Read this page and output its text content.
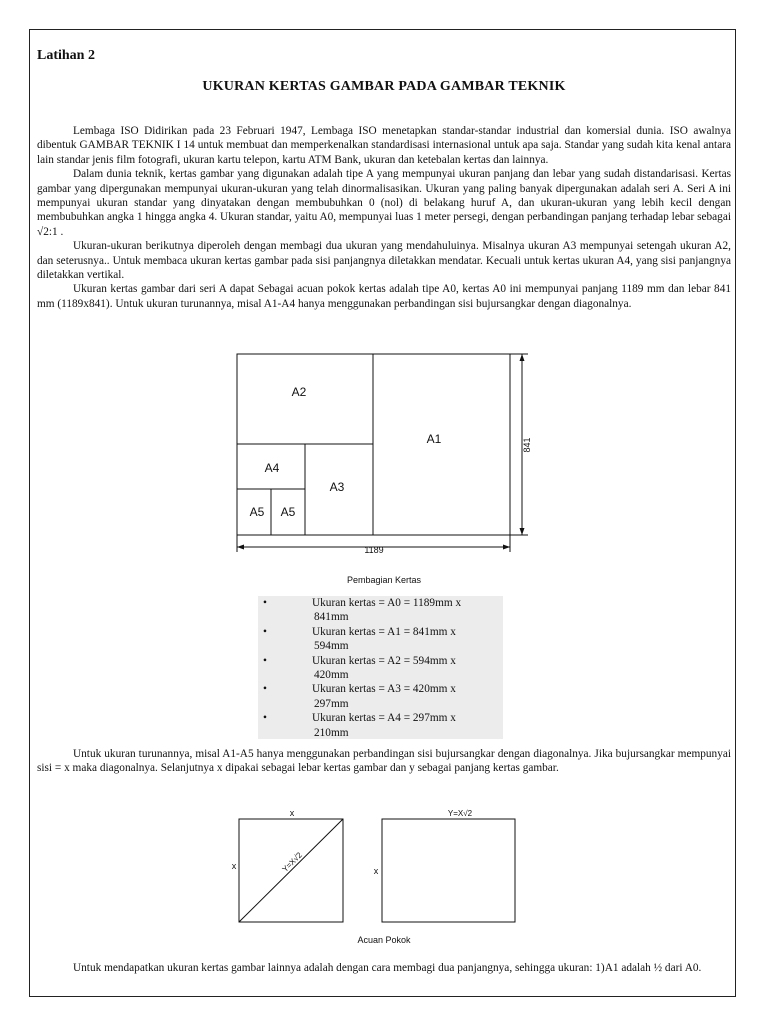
Latihan 2
UKURAN KERTAS GAMBAR PADA GAMBAR TEKNIK

Lembaga ISO Didirikan pada 23 Februari 1947, Lembaga ISO menetapkan standar-standar industrial dan komersial dunia. ISO awalnya dibentuk GAMBAR TEKNIK I 14 untuk membuat dan memperkenalkan standardisasi internasional untuk apa saja. Standar yang sudah kita kenal antara lain standar jenis film fotografi, ukuran kartu telepon, kartu ATM Bank, ukuran dan ketebalan kertas dan lainnya.

Dalam dunia teknik, kertas gambar yang digunakan adalah tipe A yang mempunyai ukuran panjang dan lebar yang sudah distandarisasi. Kertas gambar yang dipergunakan mempunyai ukuran-ukuran yang telah dinormalisasikan. Ukuran yang paling banyak dipergunakan adalah seri A. Seri A ini mempunyai ukuran standar yang dinyatakan dengan membubuhkan 0 (nol) di belakang huruf A, dan ukuran-ukuran yang lebih kecil dengan membubuhkan angka 1 hingga angka 4. Ukuran standar, yaitu A0, mempunyai luas 1 meter persegi, dengan perbandingan panjang terhadap lebar sebagai √2:1 .

Ukuran-ukuran berikutnya diperoleh dengan membagi dua ukuran yang mendahuluinya. Misalnya ukuran A3 mempunyai setengah ukuran A2, dan seterusnya.. Untuk membaca ukuran kertas gambar pada sisi panjangnya diletakkan mendatar. Kecuali untuk kertas ukuran A4, yang sisi panjangnya diletakkan vertikal.

Ukuran kertas gambar dari seri A dapat Sebagai acuan pokok kertas adalah tipe A0, kertas A0 ini mempunyai panjang 1189 mm dan lebar 841 mm (1189x841). Untuk ukuran turunannya, misal A1-A4 hanya menggunakan perbandingan sisi bujursangkar dengan diagonalnya.

A2
A1
A4
A3
A5 A5
1189
841
Pembagian Kertas
•	Ukuran kertas = A0 = 1189mm x
841mm
•	Ukuran kertas = A1 = 841mm x
594mm
•	Ukuran kertas = A2 = 594mm x
420mm
•	Ukuran kertas = A3 = 420mm x
297mm
•	Ukuran kertas = A4 = 297mm x
210mm

Untuk ukuran turunannya, misal A1-A5 hanya menggunakan perbandingan sisi bujursangkar dengan diagonalnya. Jika bujursangkar mempunyai sisi = x maka diagonalnya. Selanjutnya x dipakai sebagai lebar kertas gambar dan y sebagai panjang kertas gambar.

x
x	Y=X√2
Y=X√2
x
Acuan Pokok

Untuk mendapatkan ukuran kertas gambar lainnya adalah dengan cara membagi dua panjangnya, sehingga ukuran: 1)A1 adalah ½ dari A0.
